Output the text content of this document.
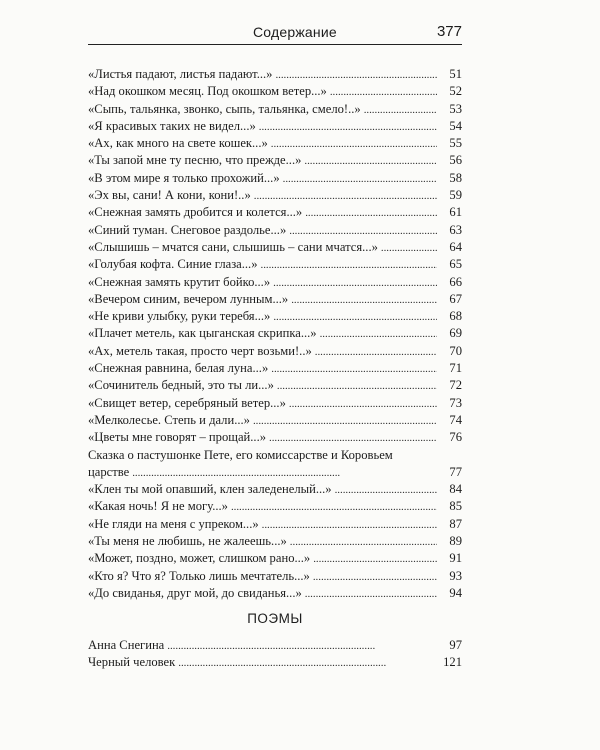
Содержание	377
«Листья падают, листья падают...» . . .	51
«Над окошком месяц. Под окошком ветер...» . . .	52
«Сыпь, тальянка, звонко, сыпь, тальянка, смело!..» . . .	53
«Я красивых таких не видел...» . . .	54
«Ах, как много на свете кошек...» . . .	55
«Ты запой мне ту песню, что прежде...» . . .	56
«В этом мире я только прохожий...» . . .	58
«Эх вы, сани! А кони, кони!..» . . .	59
«Снежная замять дробится и колется...» . . .	61
«Синий туман. Снеговое раздолье...» . . .	63
«Слышишь – мчатся сани, слышишь – сани мчатся...» . . .	64
«Голубая кофта. Синие глаза...» . . .	65
«Снежная замять крутит бойко...» . . .	66
«Вечером синим, вечером лунным...» . . .	67
«Не криви улыбку, руки теребя...» . . .	68
«Плачет метель, как цыганская скрипка...» . . .	69
«Ах, метель такая, просто черт возьми!..» . . .	70
«Снежная равнина, белая луна...» . . .	71
«Сочинитель бедный, это ты ли...» . . .	72
«Свищет ветер, серебряный ветер...» . . .	73
«Мелколесье. Степь и дали...» . . .	74
«Цветы мне говорят – прощай...» . . .	76
Сказка о пастушонке Пете, его комиссарстве и Коровьем
царстве . . .	77
«Клен ты мой опавший, клен заледенелый...» . . .	84
«Какая ночь! Я не могу...» . . .	85
«Не гляди на меня с упреком...» . . .	87
«Ты меня не любишь, не жалеешь...» . . .	89
«Может, поздно, может, слишком рано...» . . .	91
«Кто я? Что я? Только лишь мечтатель...» . . .	93
«До свиданья, друг мой, до свиданья...» . . .	94
ПОЭМЫ
Анна Снегина . . .	97
Черный человек . . .	121
